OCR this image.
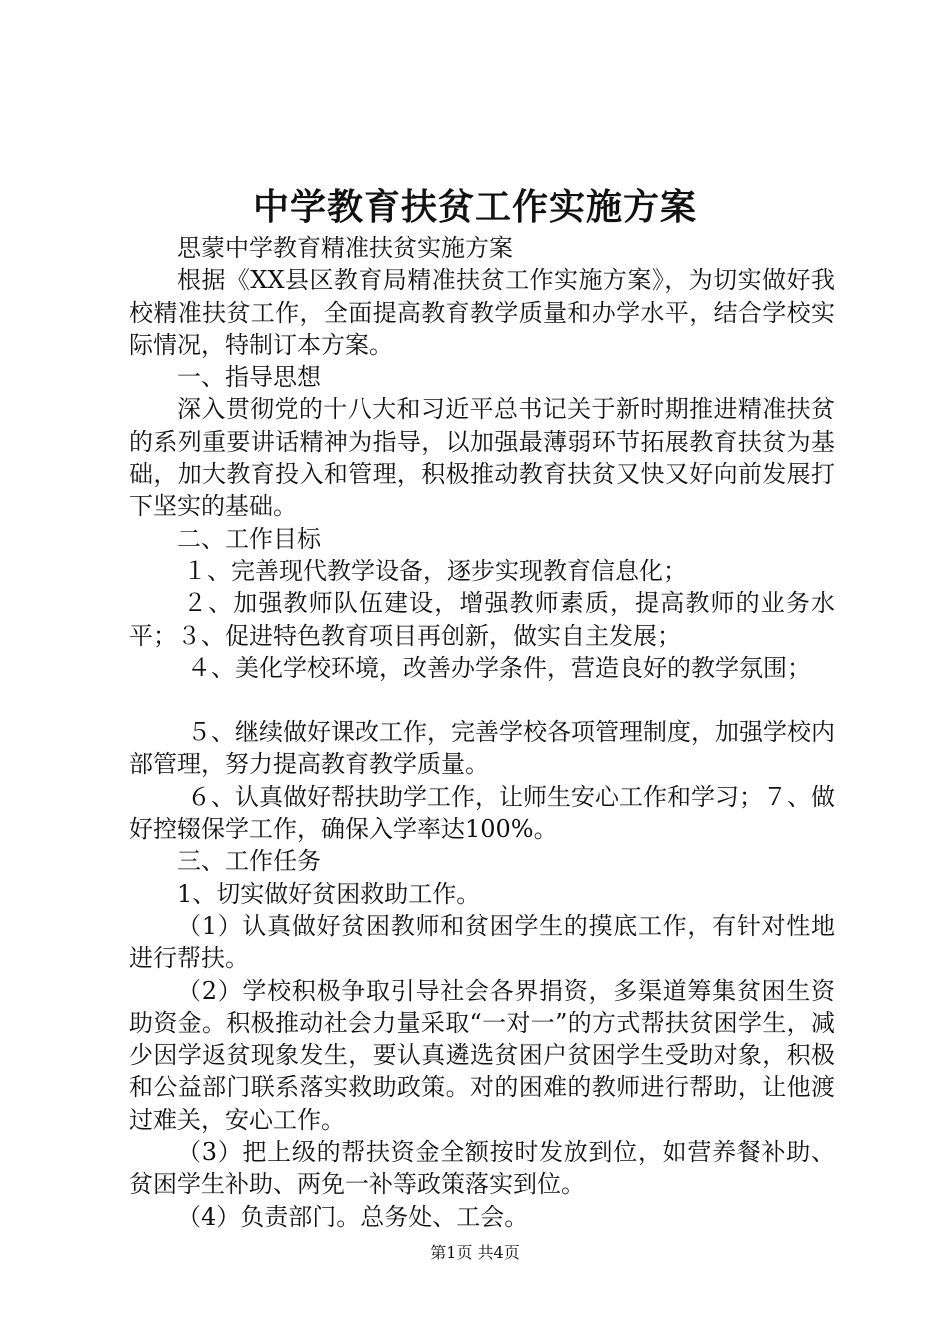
中学教育扶贫工作实施方案

思蒙中学教育精准扶贫实施方案

根据《XX县区教育局精准扶贫工作实施方案》，为切实做好我校精准扶贫工作，全面提高教育教学质量和办学水平，结合学校实际情况，特制订本方案。

一、指导思想

深入贯彻党的十八大和习近平总书记关于新时期推进精准扶贫的系列重要讲话精神为指导，以加强最薄弱环节拓展教育扶贫为基础，加大教育投入和管理，积极推动教育扶贫又快又好向前发展打下坚实的基础。

二、工作目标

１、完善现代教学设备，逐步实现教育信息化；

２、加强教师队伍建设，增强教师素质，提高教师的业务水平；３、促进特色教育项目再创新，做实自主发展；

４、美化学校环境，改善办学条件，营造良好的教学氛围；

５、继续做好课改工作，完善学校各项管理制度，加强学校内部管理，努力提高教育教学质量。

６、认真做好帮扶助学工作，让师生安心工作和学习；７、做好控辍保学工作，确保入学率达100%。

三、工作任务

1、切实做好贫困救助工作。

（1）认真做好贫困教师和贫困学生的摸底工作，有针对性地进行帮扶。

（2）学校积极争取引导社会各界捐资，多渠道筹集贫困生资助资金。积极推动社会力量采取“一对一”的方式帮扶贫困学生，减少因学返贫现象发生，要认真遴选贫困户贫困学生受助对象，积极和公益部门联系落实救助政策。对的困难的教师进行帮助，让他渡过难关，安心工作。

（3）把上级的帮扶资金全额按时发放到位，如营养餐补助、贫困学生补助、两免一补等政策落实到位。

（4）负责部门。总务处、工会。

第1页 共4页
